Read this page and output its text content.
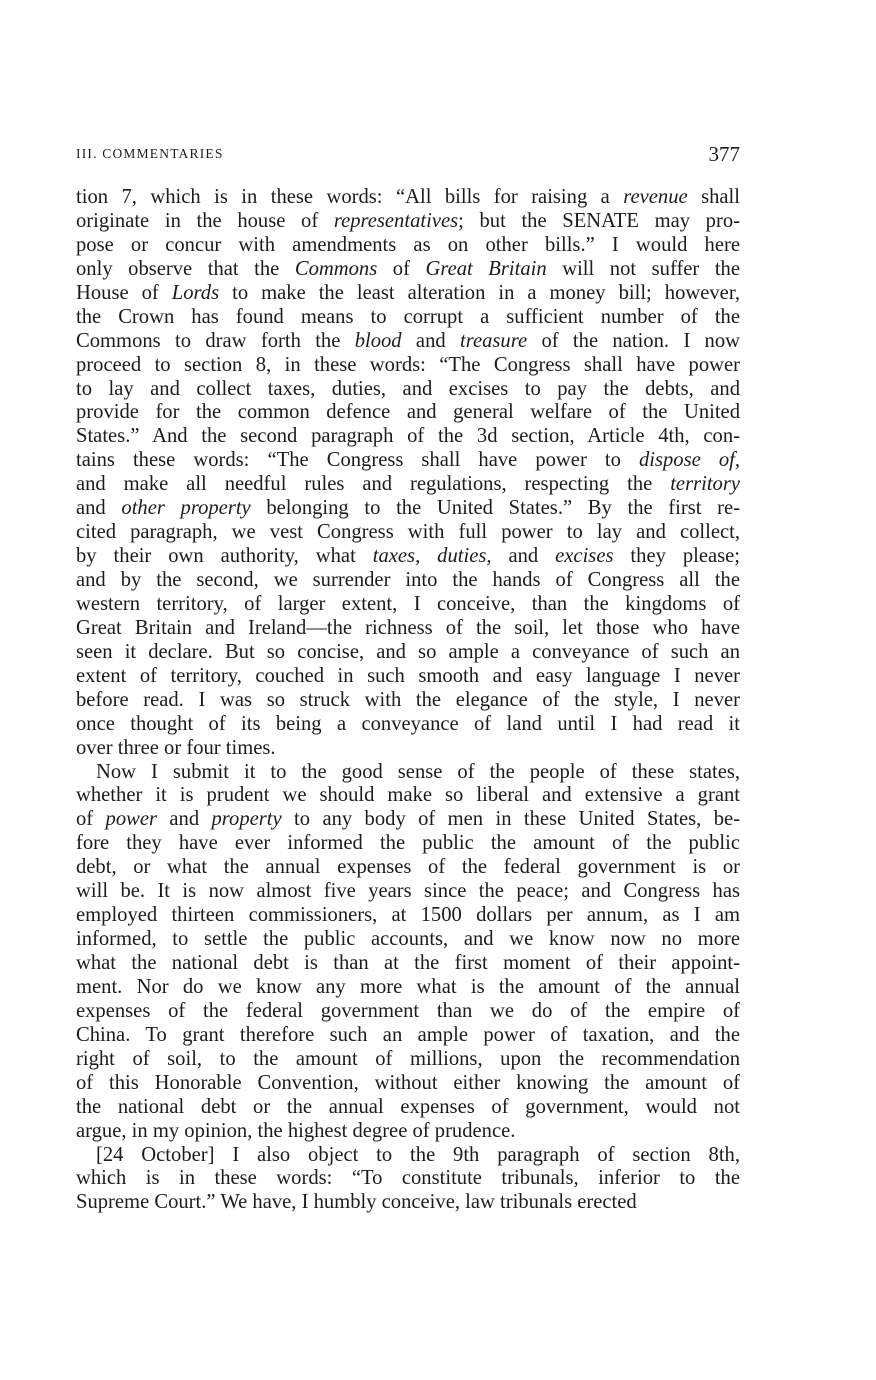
III. COMMENTARIES	377
tion 7, which is in these words: “All bills for raising a revenue shall
originate in the house of representatives; but the SENATE may pro-
pose or concur with amendments as on other bills.” I would here
only observe that the Commons of Great Britain will not suffer the
House of Lords to make the least alteration in a money bill; however,
the Crown has found means to corrupt a sufficient number of the
Commons to draw forth the blood and treasure of the nation. I now
proceed to section 8, in these words: “The Congress shall have power
to lay and collect taxes, duties, and excises to pay the debts, and
provide for the common defence and general welfare of the United
States.” And the second paragraph of the 3d section, Article 4th, con-
tains these words: “The Congress shall have power to dispose of,
and make all needful rules and regulations, respecting the territory
and other property belonging to the United States.” By the first re-
cited paragraph, we vest Congress with full power to lay and collect,
by their own authority, what taxes, duties, and excises they please;
and by the second, we surrender into the hands of Congress all the
western territory, of larger extent, I conceive, than the kingdoms of
Great Britain and Ireland—the richness of the soil, let those who have
seen it declare. But so concise, and so ample a conveyance of such an
extent of territory, couched in such smooth and easy language I never
before read. I was so struck with the elegance of the style, I never
once thought of its being a conveyance of land until I had read it
over three or four times.
Now I submit it to the good sense of the people of these states,
whether it is prudent we should make so liberal and extensive a grant
of power and property to any body of men in these United States, be-
fore they have ever informed the public the amount of the public
debt, or what the annual expenses of the federal government is or
will be. It is now almost five years since the peace; and Congress has
employed thirteen commissioners, at 1500 dollars per annum, as I am
informed, to settle the public accounts, and we know now no more
what the national debt is than at the first moment of their appoint-
ment. Nor do we know any more what is the amount of the annual
expenses of the federal government than we do of the empire of
China. To grant therefore such an ample power of taxation, and the
right of soil, to the amount of millions, upon the recommendation
of this Honorable Convention, without either knowing the amount of
the national debt or the annual expenses of government, would not
argue, in my opinion, the highest degree of prudence.
[24 October] I also object to the 9th paragraph of section 8th,
which is in these words: “To constitute tribunals, inferior to the
Supreme Court.” We have, I humbly conceive, law tribunals erected
